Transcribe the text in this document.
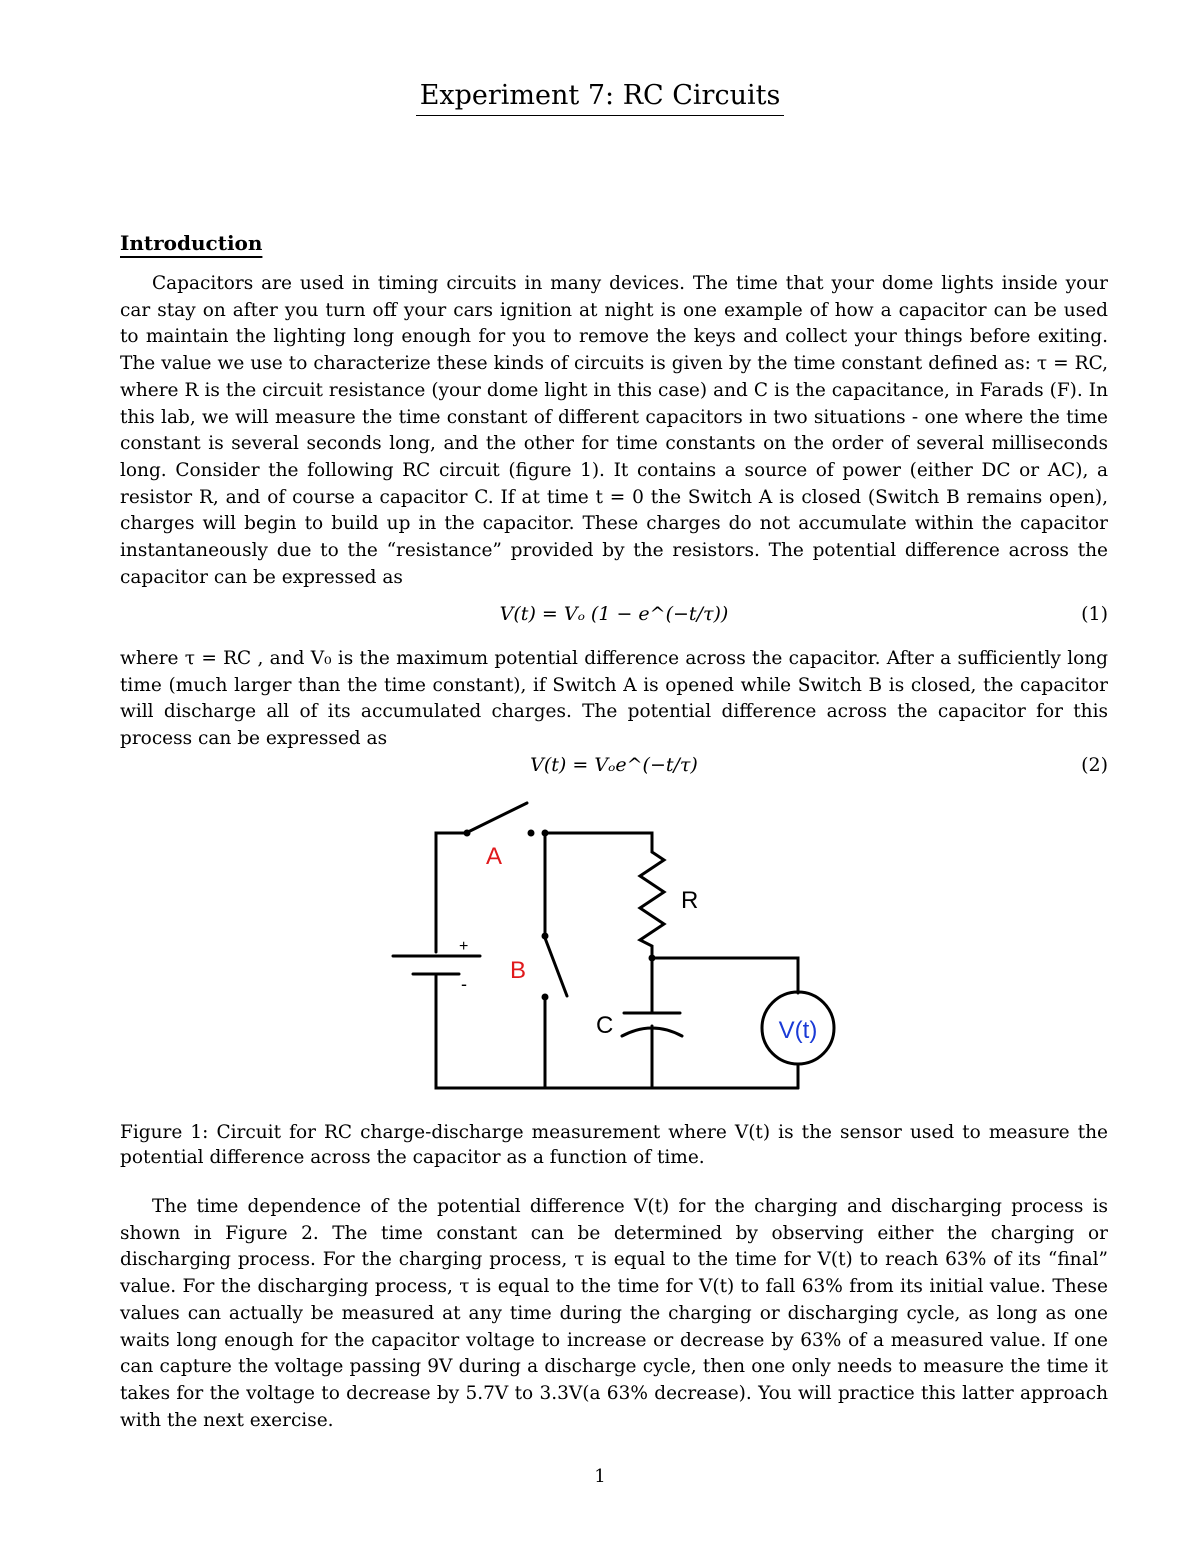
Experiment 7: RC Circuits
Introduction

Capacitors are used in timing circuits in many devices. The time that your dome lights inside your car stay on after you turn off your cars ignition at night is one example of how a capacitor can be used to maintain the lighting long enough for you to remove the keys and collect your things before exiting. The value we use to characterize these kinds of circuits is given by the time constant defined as: τ = RC, where R is the circuit resistance (your dome light in this case) and C is the capacitance, in Farads (F). In this lab, we will measure the time constant of different capacitors in two situations - one where the time constant is several seconds long, and the other for time constants on the order of several milliseconds long. Consider the following RC circuit (figure 1). It contains a source of power (either DC or AC), a resistor R, and of course a capacitor C. If at time t = 0 the Switch A is closed (Switch B remains open), charges will begin to build up in the capacitor. These charges do not accumulate within the capacitor instantaneously due to the “resistance” provided by the resistors. The potential difference across the capacitor can be expressed as

V(t) = Vₒ (1 − e^(−t/τ))	(1)

where τ = RC , and V₀ is the maximum potential difference across the capacitor. After a sufficiently long time (much larger than the time constant), if Switch A is opened while Switch B is closed, the capacitor will discharge all of its accumulated charges. The potential difference across the capacitor for this process can be expressed as

V(t) = Vₒe^(−t/τ)	(2)
A
B
R
C	V(t)
+
-

Figure 1: Circuit for RC charge-discharge measurement where V(t) is the sensor used to measure the potential difference across the capacitor as a function of time.

The time dependence of the potential difference V(t) for the charging and discharging process is shown in Figure 2. The time constant can be determined by observing either the charging or discharging process. For the charging process, τ is equal to the time for V(t) to reach 63% of its “final” value. For the discharging process, τ is equal to the time for V(t) to fall 63% from its initial value. These values can actually be measured at any time during the charging or discharging cycle, as long as one waits long enough for the capacitor voltage to increase or decrease by 63% of a measured value. If one can capture the voltage passing 9V during a discharge cycle, then one only needs to measure the time it takes for the voltage to decrease by 5.7V to 3.3V(a 63% decrease). You will practice this latter approach with the next exercise.

1
